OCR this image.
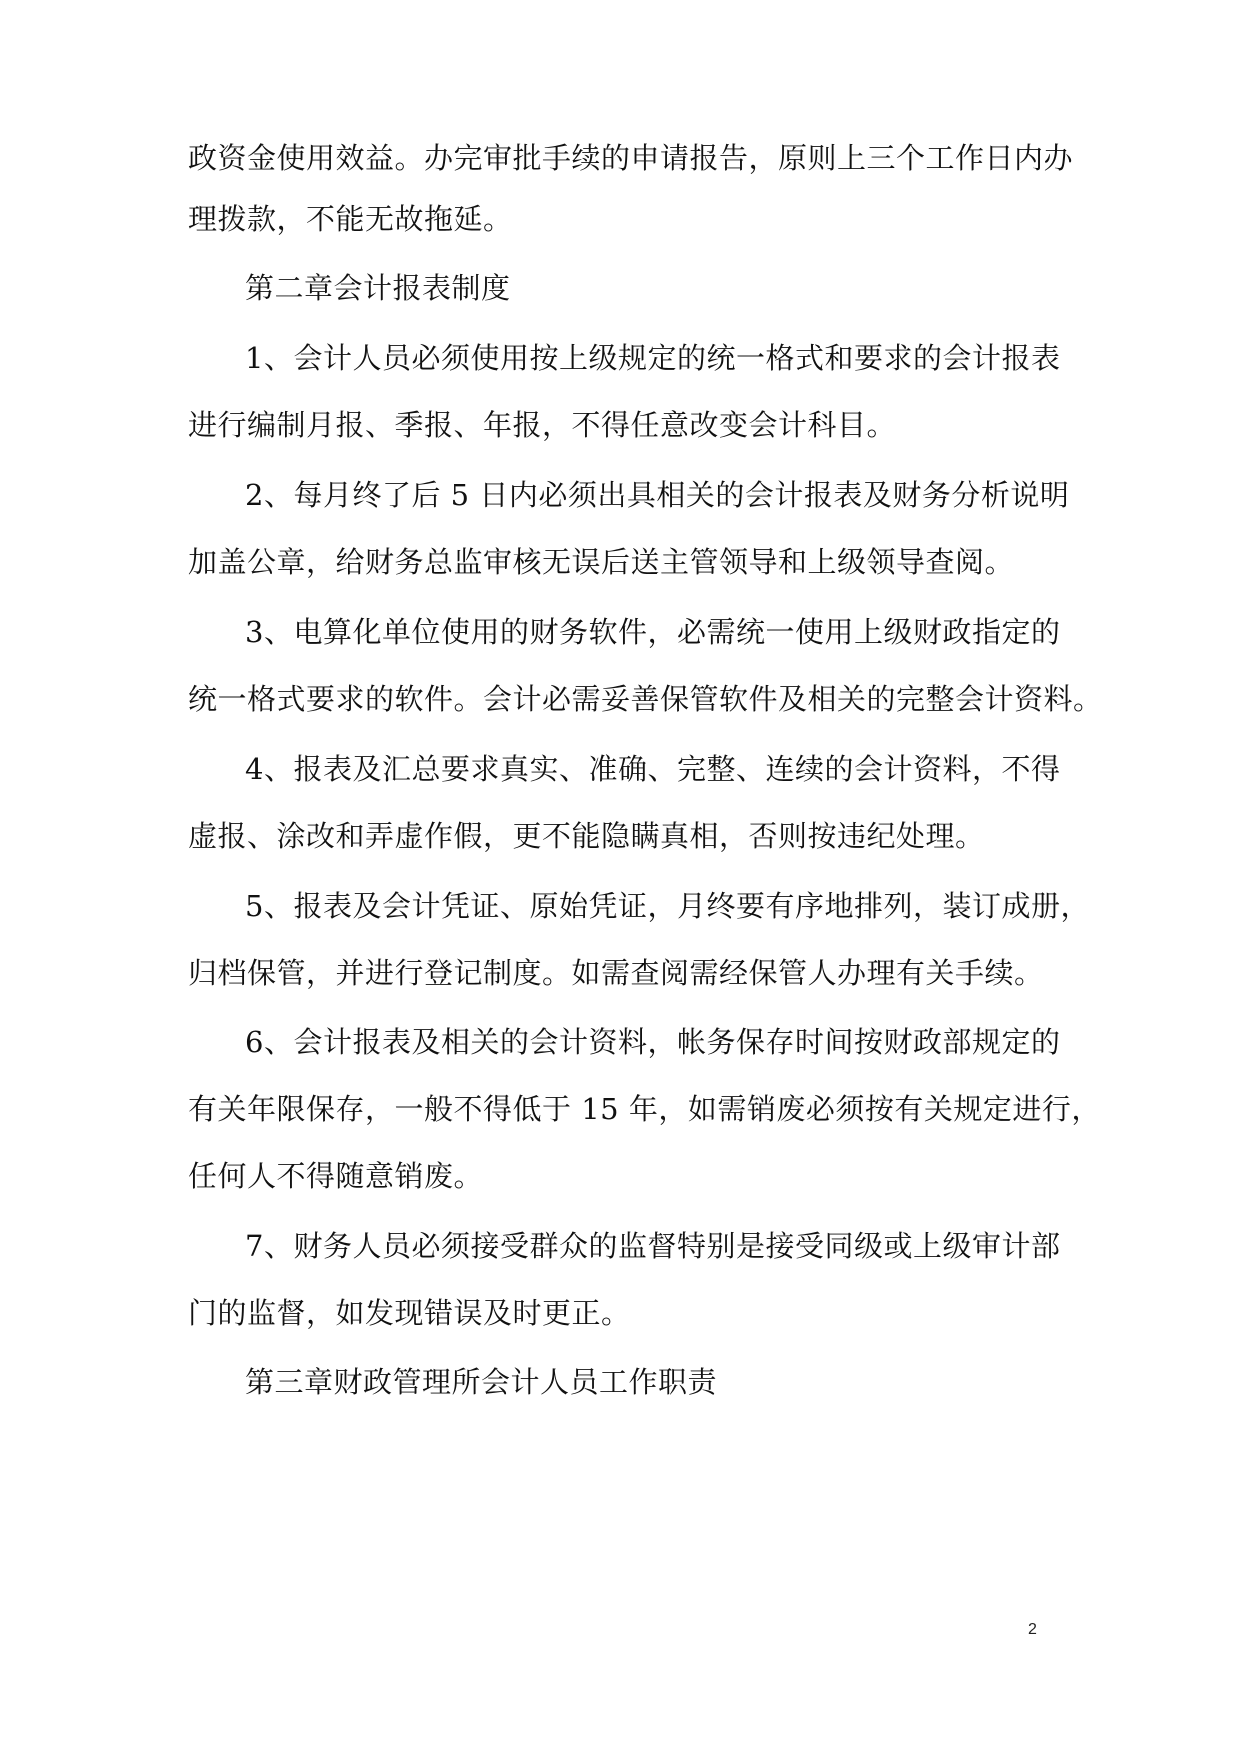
政资金使用效益。办完审批手续的申请报告，原则上三个工作日内办
理拨款，不能无故拖延。
第二章会计报表制度
1、会计人员必须使用按上级规定的统一格式和要求的会计报表
进行编制月报、季报、年报，不得任意改变会计科目。
2、每月终了后 5 日内必须出具相关的会计报表及财务分析说明
加盖公章，给财务总监审核无误后送主管领导和上级领导查阅。
3、电算化单位使用的财务软件，必需统一使用上级财政指定的
统一格式要求的软件。会计必需妥善保管软件及相关的完整会计资料。
4、报表及汇总要求真实、准确、完整、连续的会计资料，不得
虚报、涂改和弄虚作假，更不能隐瞒真相，否则按违纪处理。
5、报表及会计凭证、原始凭证，月终要有序地排列，装订成册，
归档保管，并进行登记制度。如需查阅需经保管人办理有关手续。
6、会计报表及相关的会计资料，帐务保存时间按财政部规定的
有关年限保存，一般不得低于 15 年，如需销废必须按有关规定进行，
任何人不得随意销废。
7、财务人员必须接受群众的监督特别是接受同级或上级审计部
门的监督，如发现错误及时更正。
第三章财政管理所会计人员工作职责
2
